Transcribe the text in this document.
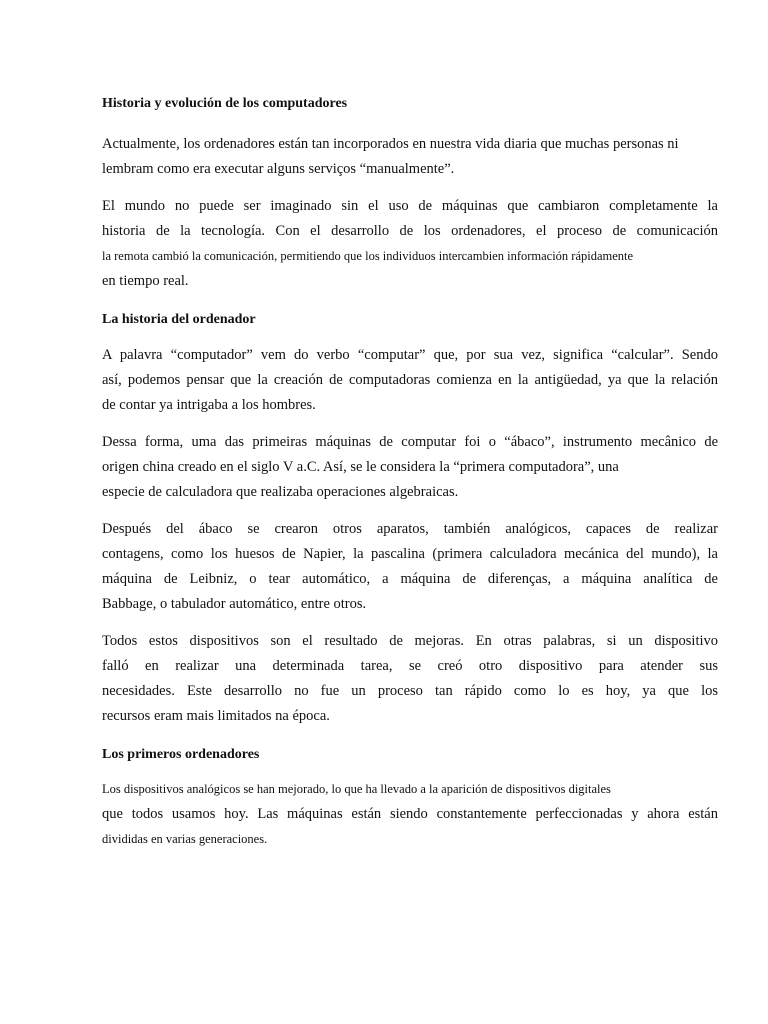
Historia y evolución de los computadores

Actualmente, los ordenadores están tan incorporados en nuestra vida diaria que muchas personas ni
lembram como era executar alguns serviços “manualmente”.

El mundo no puede ser imaginado sin el uso de máquinas que cambiaron completamente la
historia de la tecnología. Con el desarrollo de los ordenadores, el proceso de comunicación
la remota cambió la comunicación, permitiendo que los individuos intercambien información rápidamente
en tiempo real.

La historia del ordenador

A palavra “computador” vem do verbo “computar” que, por sua vez, significa “calcular”. Sendo
así, podemos pensar que la creación de computadoras comienza en la antigüedad, ya que la relación
de contar ya intrigaba a los hombres.

Dessa forma, uma das primeiras máquinas de computar foi o “ábaco”, instrumento mecânico de
origen china creado en el siglo V a.C. Así, se le considera la “primera computadora”, una
especie de calculadora que realizaba operaciones algebraicas.

Después del ábaco se crearon otros aparatos, también analógicos, capaces de realizar
contagens, como los huesos de Napier, la pascalina (primera calculadora mecánica del mundo), la
máquina de Leibniz, o tear automático, a máquina de diferenças, a máquina analítica de
Babbage, o tabulador automático, entre otros.

Todos estos dispositivos son el resultado de mejoras. En otras palabras, si un dispositivo
falló en realizar una determinada tarea, se creó otro dispositivo para atender sus
necesidades. Este desarrollo no fue un proceso tan rápido como lo es hoy, ya que los
recursos eram mais limitados na época.

Los primeros ordenadores

Los dispositivos analógicos se han mejorado, lo que ha llevado a la aparición de dispositivos digitales
que todos usamos hoy. Las máquinas están siendo constantemente perfeccionadas y ahora están
divididas en varias generaciones.
